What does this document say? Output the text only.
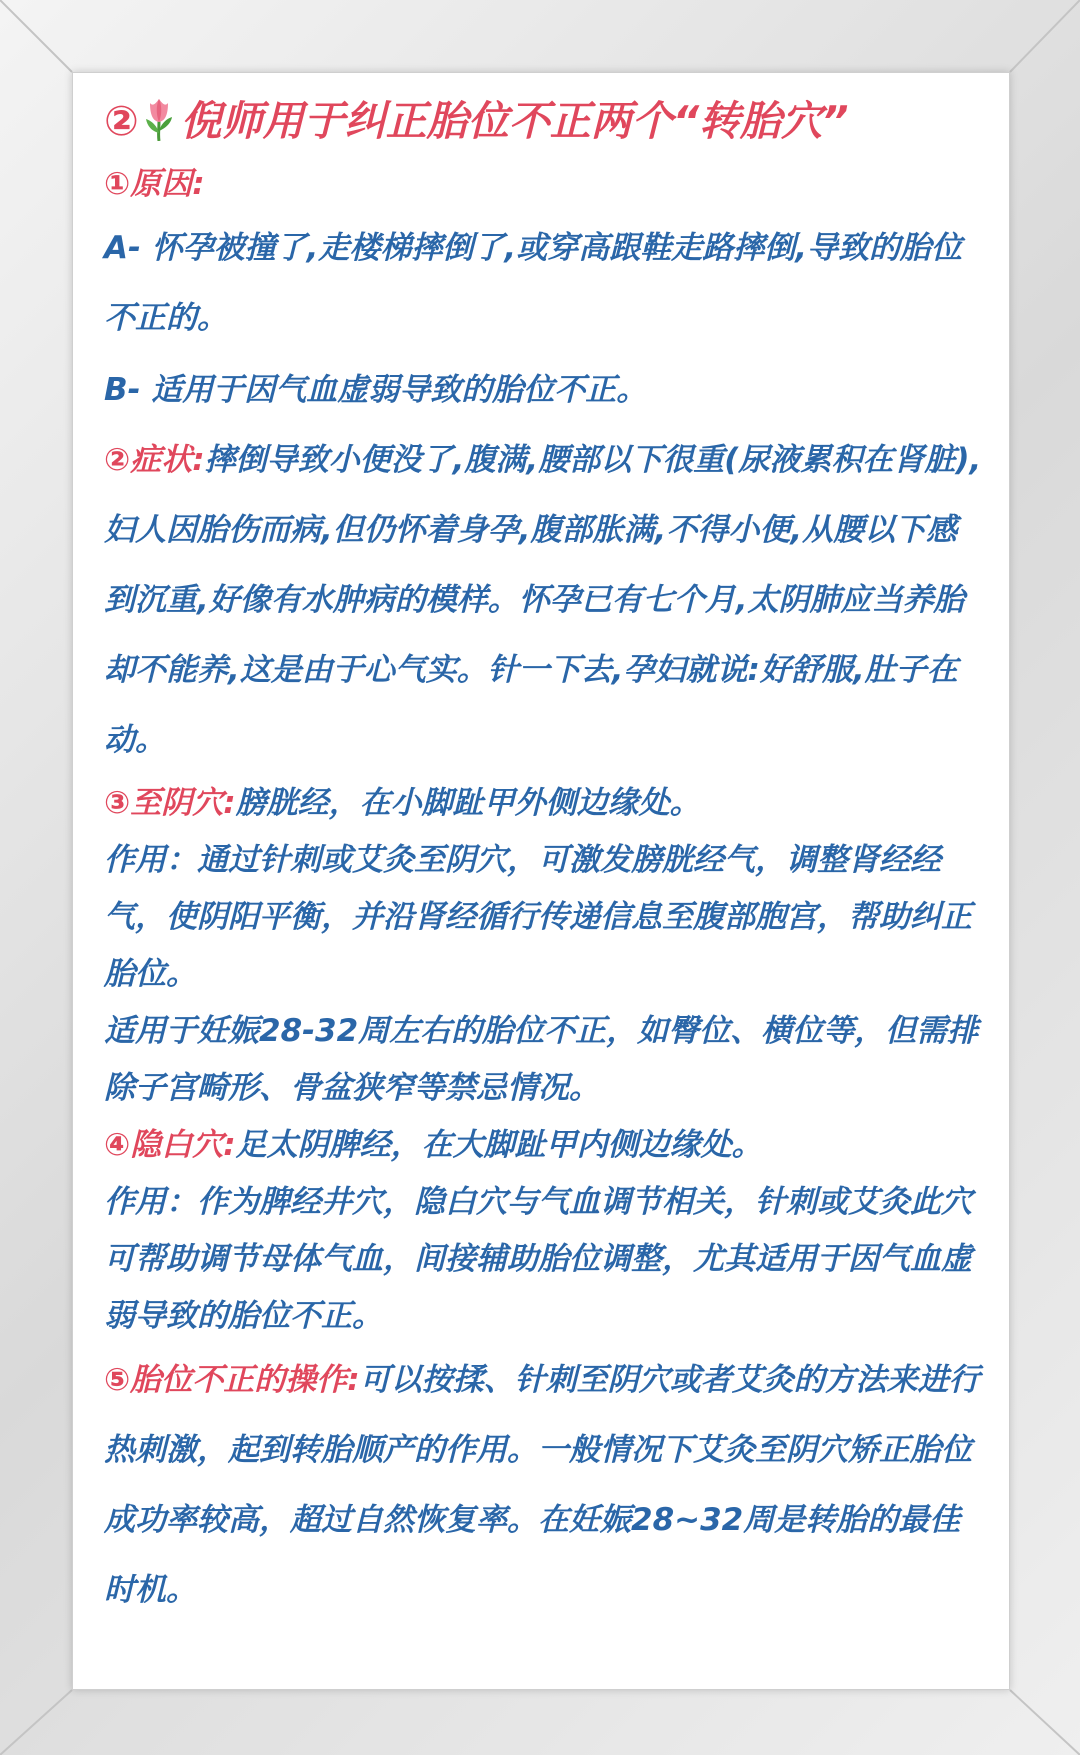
② 倪师用于纠正胎位不正两个“转胎穴”

①原因:

A- 怀孕被撞了,走楼梯摔倒了,或穿高跟鞋走路摔倒,导致的胎位不正的。

B- 适用于因气血虚弱导致的胎位不正。

②症状:摔倒导致小便没了,腹满,腰部以下很重(尿液累积在肾脏),妇人因胎伤而病,但仍怀着身孕,腹部胀满,不得小便,从腰以下感到沉重,好像有水肿病的模样。怀孕已有七个月,太阴肺应当养胎却不能养,这是由于心气实。针一下去,孕妇就说:好舒服,肚子在动。

③至阴穴:膀胱经，在小脚趾甲外侧边缘处。

作用：通过针刺或艾灸至阴穴，可激发膀胱经气，调整肾经经气，使阴阳平衡，并沿肾经循行传递信息至腹部胞宫，帮助纠正胎位。

适用于妊娠28-32周左右的胎位不正，如臀位、横位等，但需排除子宫畸形、骨盆狭窄等禁忌情况。

④隐白穴:足太阴脾经，在大脚趾甲内侧边缘处。

作用：作为脾经井穴，隐白穴与气血调节相关，针刺或艾灸此穴可帮助调节母体气血，间接辅助胎位调整，尤其适用于因气血虚弱导致的胎位不正。

⑤胎位不正的操作:可以按揉、针刺至阴穴或者艾灸的方法来进行热刺激，起到转胎顺产的作用。一般情况下艾灸至阴穴矫正胎位成功率较高，超过自然恢复率。在妊娠28~32周是转胎的最佳时机。
